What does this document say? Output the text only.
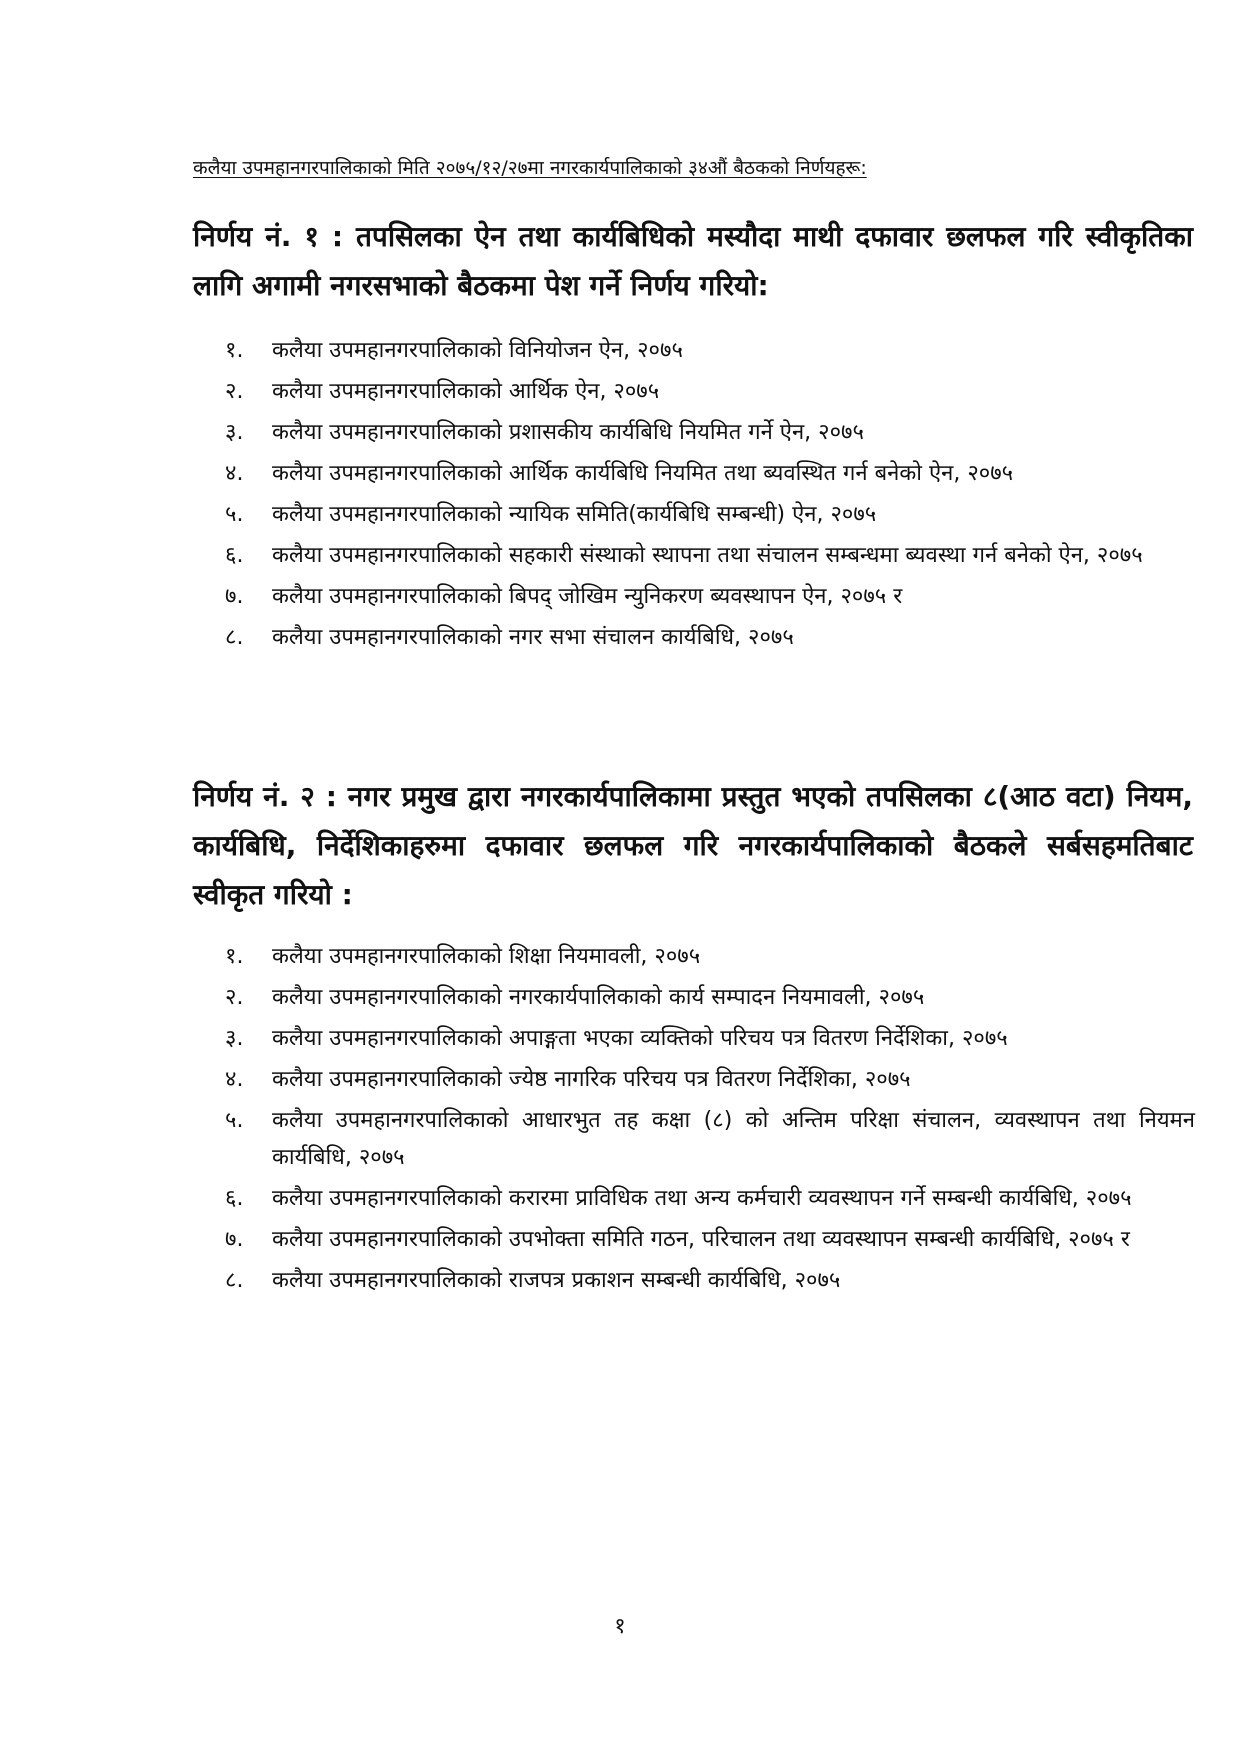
कलैया उपमहानगरपालिकाको मिति २०७५/१२/२७मा नगरकार्यपालिकाको ३४औं बैठकको निर्णयहरू:
निर्णय नं. १ : तपसिलका ऐन तथा कार्यबिधिको मस्यौदा माथी दफावार छलफल गरि स्वीकृतिका लागि अगामी नगरसभाको बैठकमा पेश गर्ने निर्णय गरियो:
१.	कलैया उपमहानगरपालिकाको विनियोजन ऐन, २०७५
२.	कलैया उपमहानगरपालिकाको आर्थिक ऐन, २०७५
३.	कलैया उपमहानगरपालिकाको प्रशासकीय कार्यबिधि नियमित गर्ने ऐन, २०७५
४.	कलैया उपमहानगरपालिकाको आर्थिक कार्यबिधि नियमित तथा ब्यवस्थित गर्न बनेको ऐन, २०७५
५.	कलैया उपमहानगरपालिकाको न्यायिक समिति(कार्यबिधि सम्बन्धी) ऐन, २०७५
६.	कलैया उपमहानगरपालिकाको सहकारी संस्थाको स्थापना तथा संचालन सम्बन्धमा ब्यवस्था गर्न बनेको ऐन, २०७५
७.	कलैया उपमहानगरपालिकाको बिपद् जोखिम न्युनिकरण ब्यवस्थापन ऐन, २०७५ र
८.	कलैया उपमहानगरपालिकाको नगर सभा संचालन कार्यबिधि, २०७५
निर्णय नं. २ : नगर प्रमुख द्वारा नगरकार्यपालिकामा प्रस्तुत भएको तपसिलका ८(आठ वटा) नियम, कार्यबिधि, निर्देशिकाहरुमा दफावार छलफल गरि नगरकार्यपालिकाको बैठकले सर्बसहमतिबाट स्वीकृत गरियो :
१.	कलैया उपमहानगरपालिकाको शिक्षा नियमावली, २०७५
२.	कलैया उपमहानगरपालिकाको नगरकार्यपालिकाको कार्य सम्पादन नियमावली, २०७५
३.	कलैया उपमहानगरपालिकाको अपाङ्गता भएका व्यक्तिको परिचय पत्र वितरण निर्देशिका, २०७५
४.	कलैया उपमहानगरपालिकाको ज्येष्ठ नागरिक परिचय पत्र वितरण निर्देशिका, २०७५
५.	कलैया उपमहानगरपालिकाको आधारभुत तह कक्षा (८) को अन्तिम परिक्षा संचालन, व्यवस्थापन तथा नियमन कार्यबिधि, २०७५
६.	कलैया उपमहानगरपालिकाको करारमा प्राविधिक तथा अन्य कर्मचारी व्यवस्थापन गर्ने सम्बन्धी कार्यबिधि, २०७५
७.	कलैया उपमहानगरपालिकाको उपभोक्ता समिति गठन, परिचालन तथा व्यवस्थापन सम्बन्धी कार्यबिधि, २०७५ र
८.	कलैया उपमहानगरपालिकाको राजपत्र प्रकाशन सम्बन्धी कार्यबिधि, २०७५
१
